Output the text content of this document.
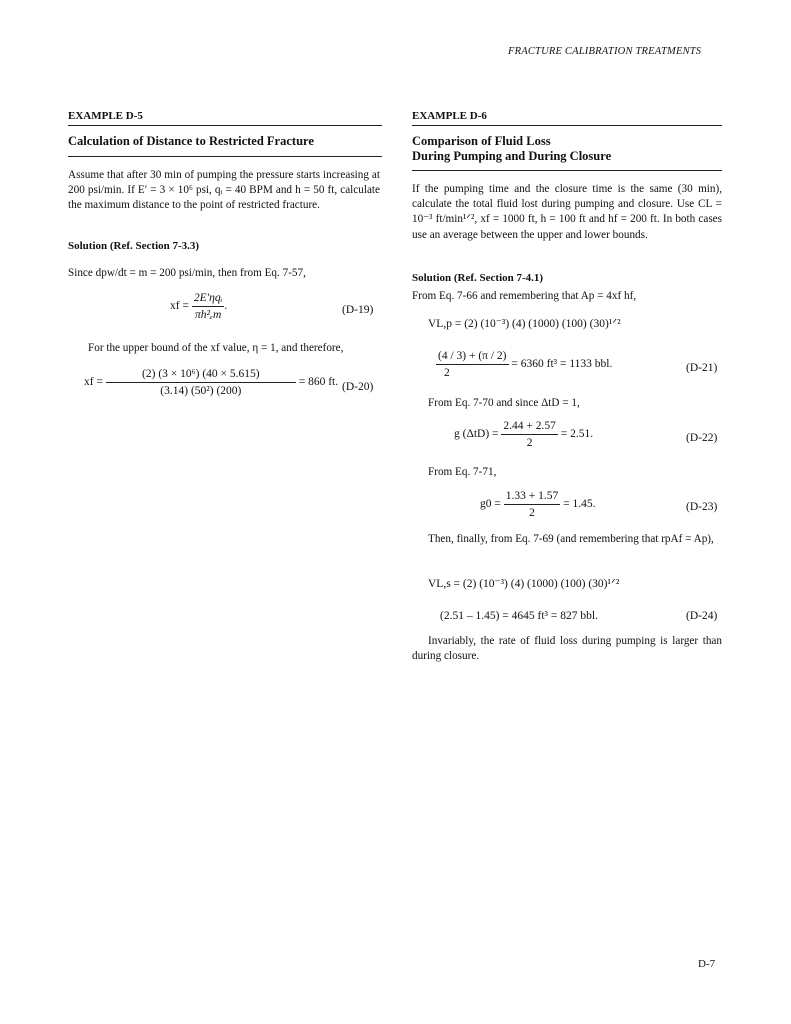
FRACTURE CALIBRATION TREATMENTS
EXAMPLE D-5
Calculation of Distance to Restricted Fracture
Assume that after 30 min of pumping the pressure starts increasing at 200 psi/min. If E′ = 3 × 10⁶ psi, qᵢ = 40 BPM and h = 50 ft, calculate the maximum distance to the point of restricted fracture.
Solution (Ref. Section 7-3.3)
Since dpw/dt = m = 200 psi/min, then from Eq. 7-57,
xf = $\frac{\text{2E′ηqᵢ}}{\text{πh²ₑm}}$ .	(D-19)
For the upper bound of the xf value, η = 1, and therefore,
xf = $\frac{\text{(2) (3 × 10⁶) (40 × 5.615)}}{\text{(3.14) (50²) (200)}} = 860$ ft. (D-20)
EXAMPLE D-6
Comparison of Fluid Loss
During Pumping and During Closure
If the pumping time and the closure time is the same (30 min), calculate the total fluid lost during pumping and closure. Use CL = 10⁻³ ft/min¹ᐟ², xf = 1000 ft, h = 100 ft and hf = 200 ft. In both cases use an average between the upper and lower bounds.
Solution (Ref. Section 7-4.1)
From Eq. 7-66 and remembering that Ap = 4xf hf,
VL,p = (2) (10⁻³) (4) (1000) (100) (30)¹ᐟ²
$\frac{(4 / 3) + (\pi / 2)}{2} = 6360$ ft³ = 1133 bbl.	(D-21)
From Eq. 7-70 and since ΔtD = 1,
g $(\Delta tD) = \frac{2.44 + 2.57}{2} = 2.51$.	(D-22)
From Eq. 7-71,
$g0 = \frac{1.33 + 1.57}{2} = 1.45$.	(D-23)
Then, finally, from Eq. 7-69 (and remembering that rpAf = Ap),
VL,s = (2) (10⁻³) (4) (1000) (100) (30)¹ᐟ²
(2.51 – 1.45) = 4645 ft³ = 827 bbl.	(D-24)
Invariably, the rate of fluid loss during pumping is larger than during closure.
D-7
